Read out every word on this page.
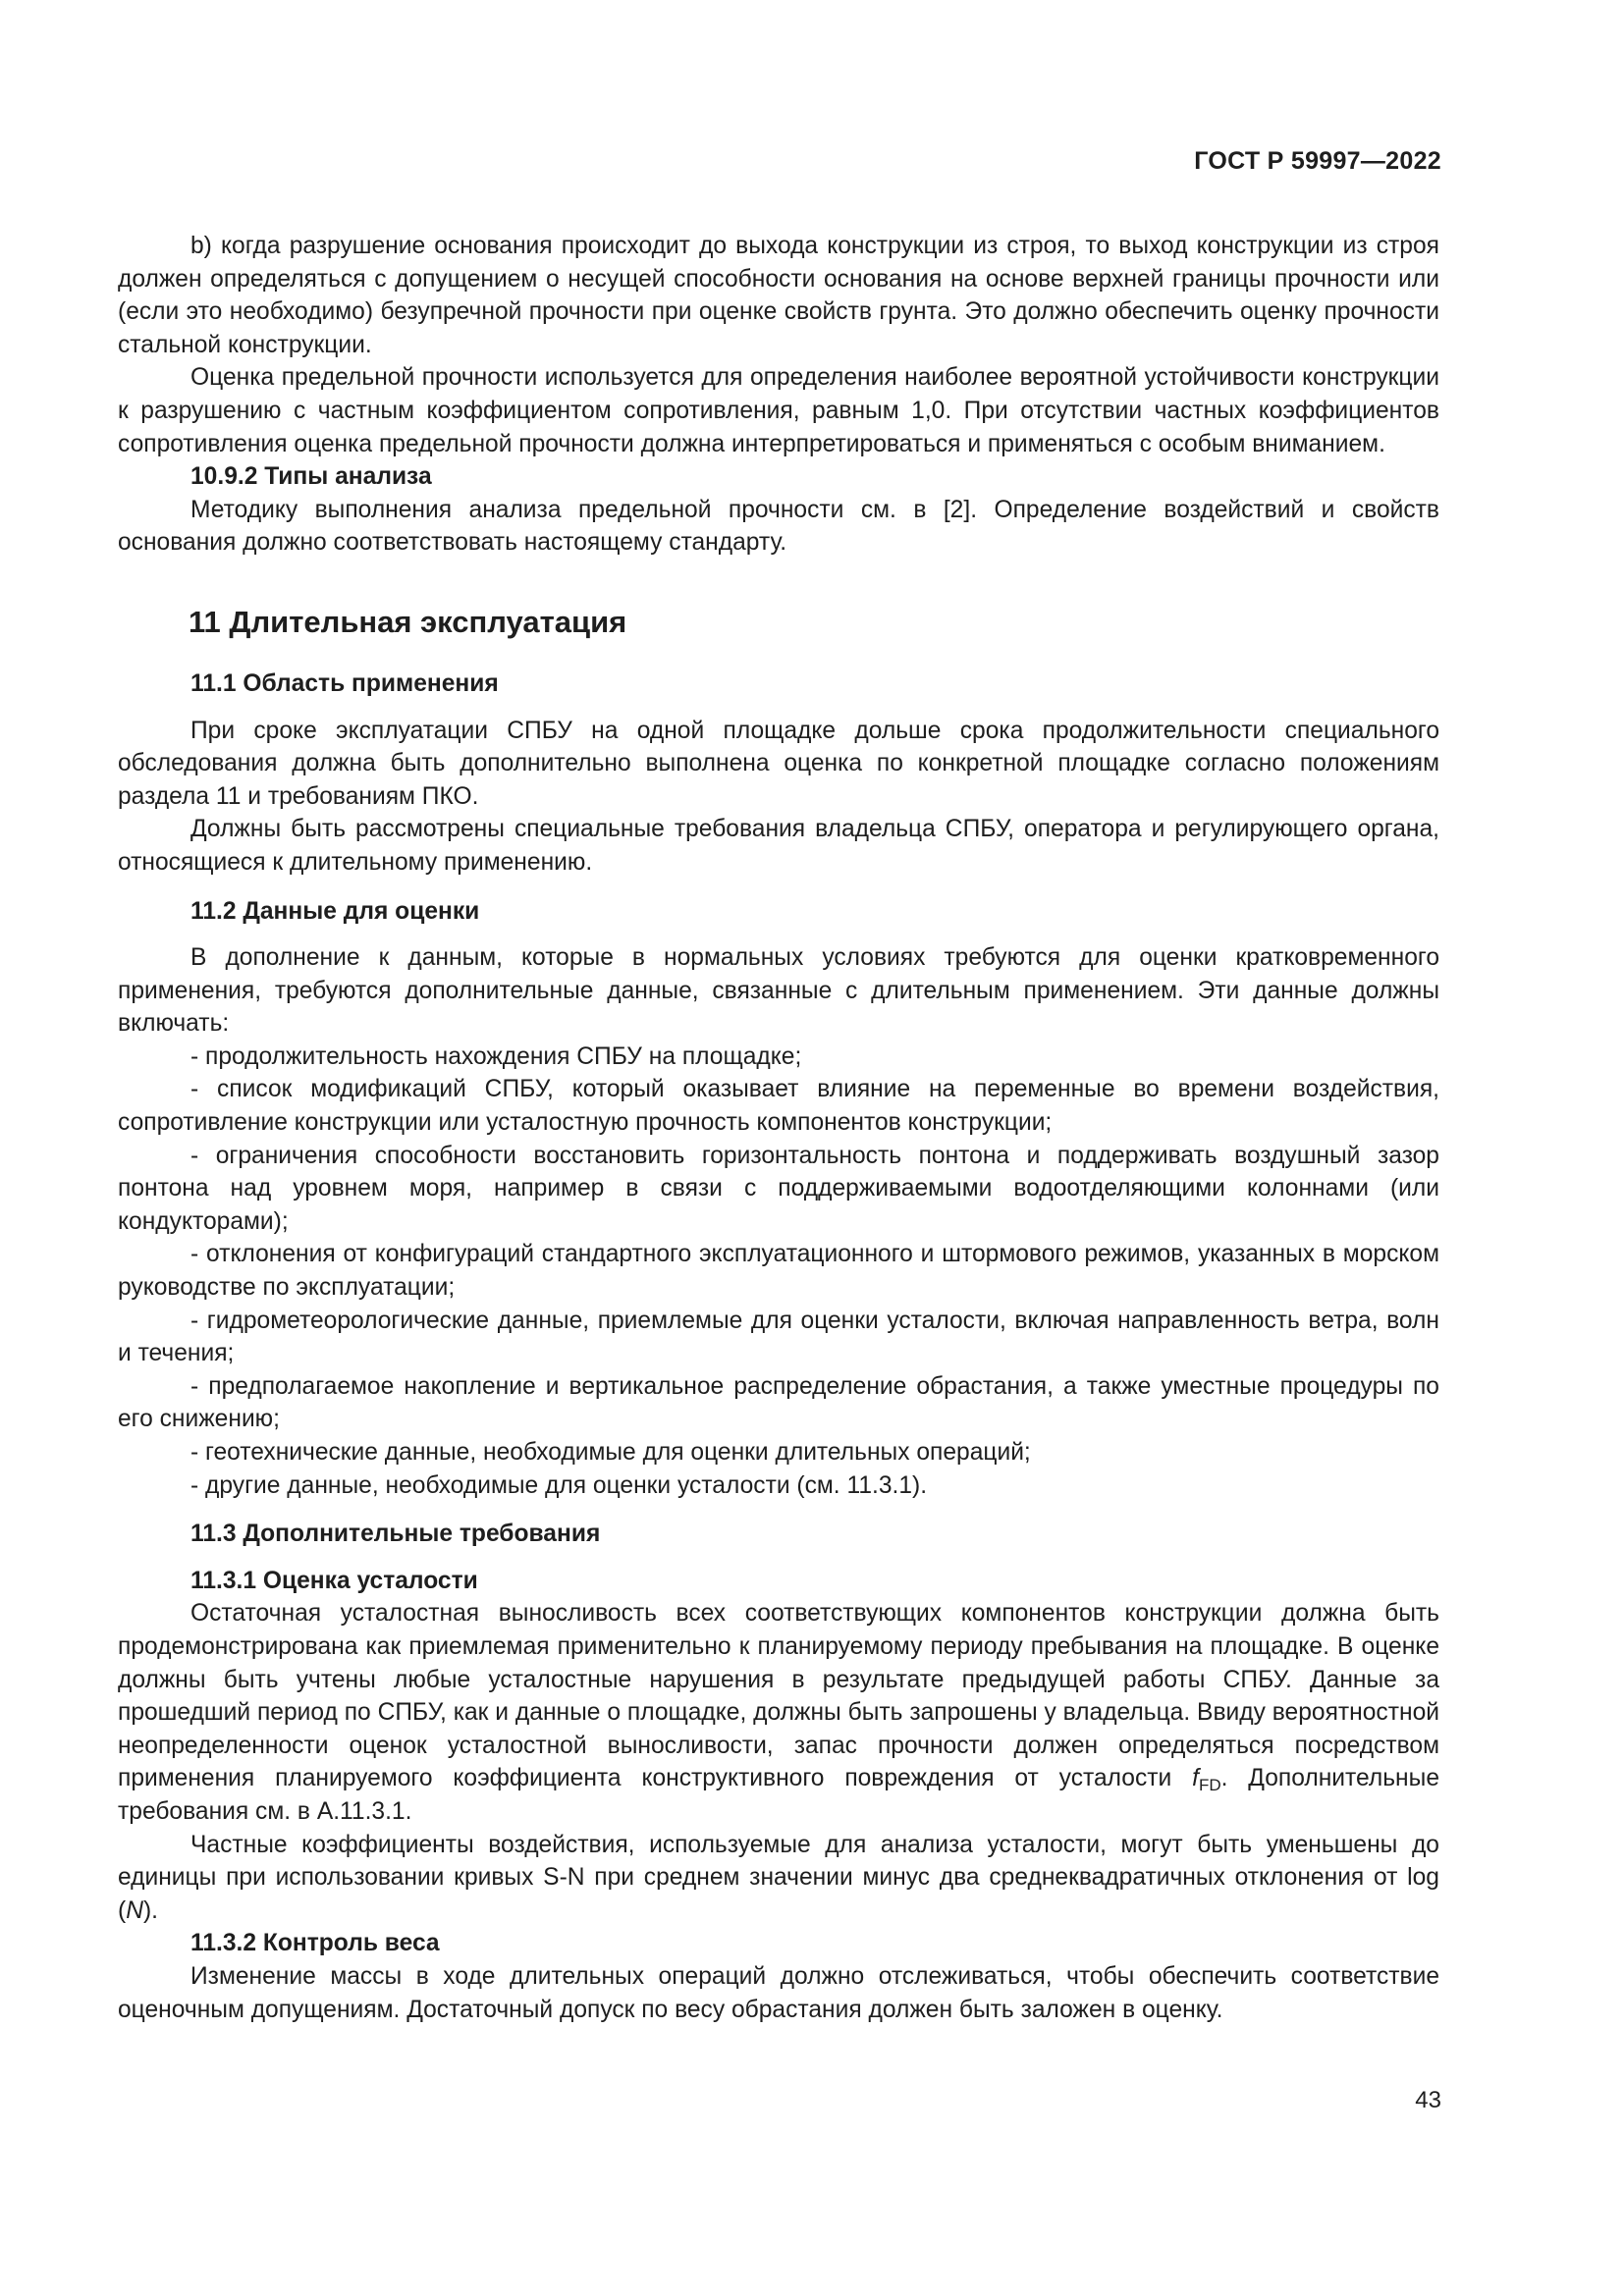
ГОСТ Р 59997—2022

b) когда разрушение основания происходит до выхода конструкции из строя, то выход конструкции из строя должен определяться с допущением о несущей способности основания на основе верхней границы прочности или (если это необходимо) безупречной прочности при оценке свойств грунта. Это должно обеспечить оценку прочности стальной конструкции.

Оценка предельной прочности используется для определения наиболее вероятной устойчивости конструкции к разрушению с частным коэффициентом сопротивления, равным 1,0. При отсутствии частных коэффициентов сопротивления оценка предельной прочности должна интерпретироваться и применяться с особым вниманием.

10.9.2 Типы анализа

Методику выполнения анализа предельной прочности см. в [2]. Определение воздействий и свойств основания должно соответствовать настоящему стандарту.

11 Длительная эксплуатация
11.1 Область применения

При сроке эксплуатации СПБУ на одной площадке дольше срока продолжительности специального обследования должна быть дополнительно выполнена оценка по конкретной площадке согласно положениям раздела 11 и требованиям ПКО.

Должны быть рассмотрены специальные требования владельца СПБУ, оператора и регулирующего органа, относящиеся к длительному применению.

11.2 Данные для оценки

В дополнение к данным, которые в нормальных условиях требуются для оценки кратковременного применения, требуются дополнительные данные, связанные с длительным применением. Эти данные должны включать:

- продолжительность нахождения СПБУ на площадке;

- список модификаций СПБУ, который оказывает влияние на переменные во времени воздействия, сопротивление конструкции или усталостную прочность компонентов конструкции;

- ограничения способности восстановить горизонтальность понтона и поддерживать воздушный зазор понтона над уровнем моря, например в связи с поддерживаемыми водоотделяющими колоннами (или кондукторами);

- отклонения от конфигураций стандартного эксплуатационного и штормового режимов, указанных в морском руководстве по эксплуатации;

- гидрометеорологические данные, приемлемые для оценки усталости, включая направленность ветра, волн и течения;

- предполагаемое накопление и вертикальное распределение обрастания, а также уместные процедуры по его снижению;

- геотехнические данные, необходимые для оценки длительных операций;

- другие данные, необходимые для оценки усталости (см. 11.3.1).

11.3 Дополнительные требования
11.3.1 Оценка усталости

Остаточная усталостная выносливость всех соответствующих компонентов конструкции должна быть продемонстрирована как приемлемая применительно к планируемому периоду пребывания на площадке. В оценке должны быть учтены любые усталостные нарушения в результате предыдущей работы СПБУ. Данные за прошедший период по СПБУ, как и данные о площадке, должны быть запрошены у владельца. Ввиду вероятностной неопределенности оценок усталостной выносливости, запас прочности должен определяться посредством применения планируемого коэффициента конструктивного повреждения от усталости $f_{FD}$. Дополнительные требования см. в А.11.3.1.

Частные коэффициенты воздействия, используемые для анализа усталости, могут быть уменьшены до единицы при использовании кривых S-N при среднем значении минус два среднеквадратичных отклонения от log (N).

11.3.2 Контроль веса

Изменение массы в ходе длительных операций должно отслеживаться, чтобы обеспечить соответствие оценочным допущениям. Достаточный допуск по весу обрастания должен быть заложен в оценку.

43
